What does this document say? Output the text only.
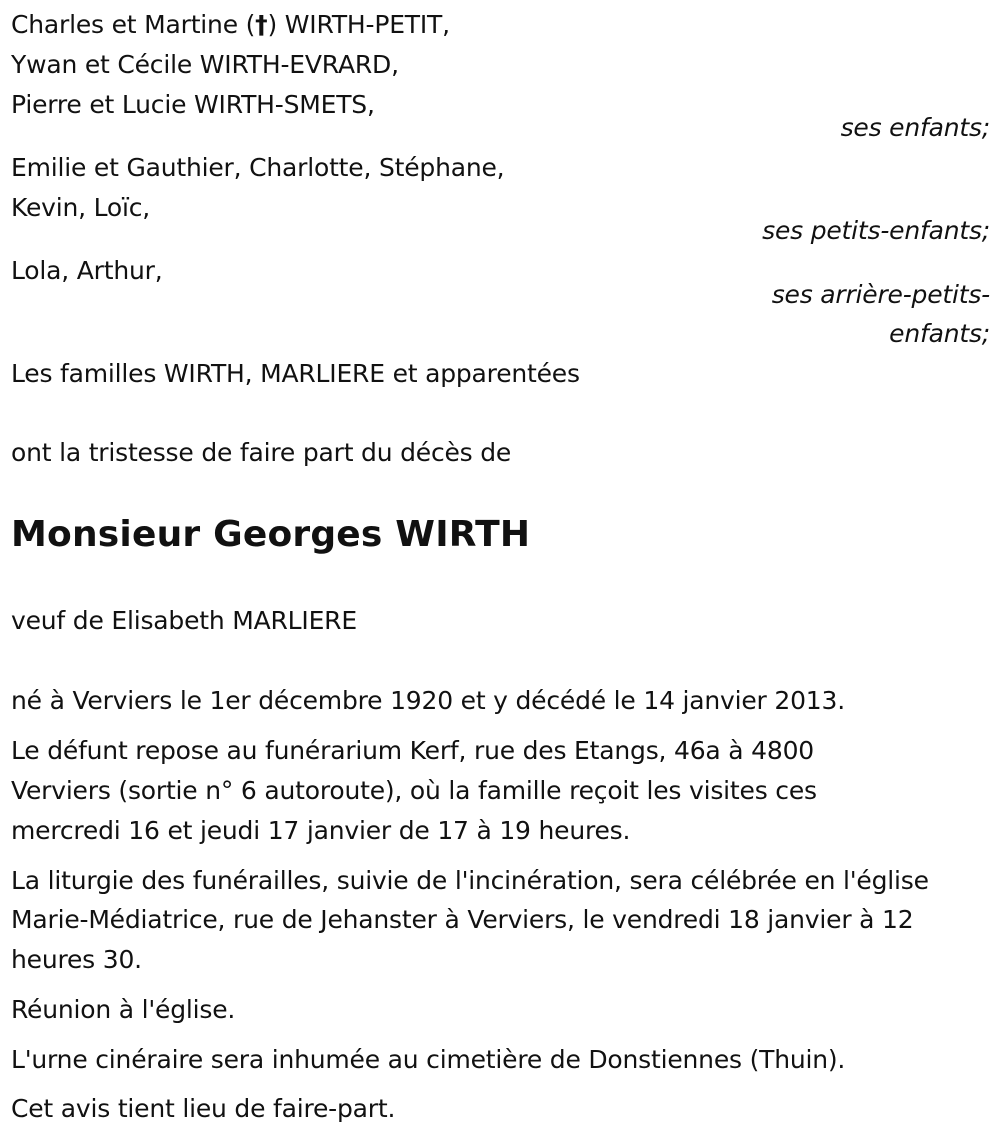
Charles et Martine (†) WIRTH-PETIT,
Ywan et Cécile WIRTH-EVRARD,
Pierre et Lucie WIRTH-SMETS,
ses enfants;
Emilie et Gauthier, Charlotte, Stéphane,
Kevin, Loïc,
ses petits-enfants;
Lola, Arthur,
ses arrière-petits-
enfants;
Les familles WIRTH, MARLIERE et apparentées
ont la tristesse de faire part du décès de
Monsieur Georges WIRTH
veuf de Elisabeth MARLIERE
né à Verviers le 1er décembre 1920 et y décédé le 14 janvier 2013.
Le défunt repose au funérarium Kerf, rue des Etangs, 46a à 4800
Verviers (sortie n° 6 autoroute), où la famille reçoit les visites ces
mercredi 16 et jeudi 17 janvier de 17 à 19 heures.
La liturgie des funérailles, suivie de l'incinération, sera célébrée en l'église
Marie-Médiatrice, rue de Jehanster à Verviers, le vendredi 18 janvier à 12
heures 30.
Réunion à l'église.
L'urne cinéraire sera inhumée au cimetière de Donstiennes (Thuin).
Cet avis tient lieu de faire-part.
